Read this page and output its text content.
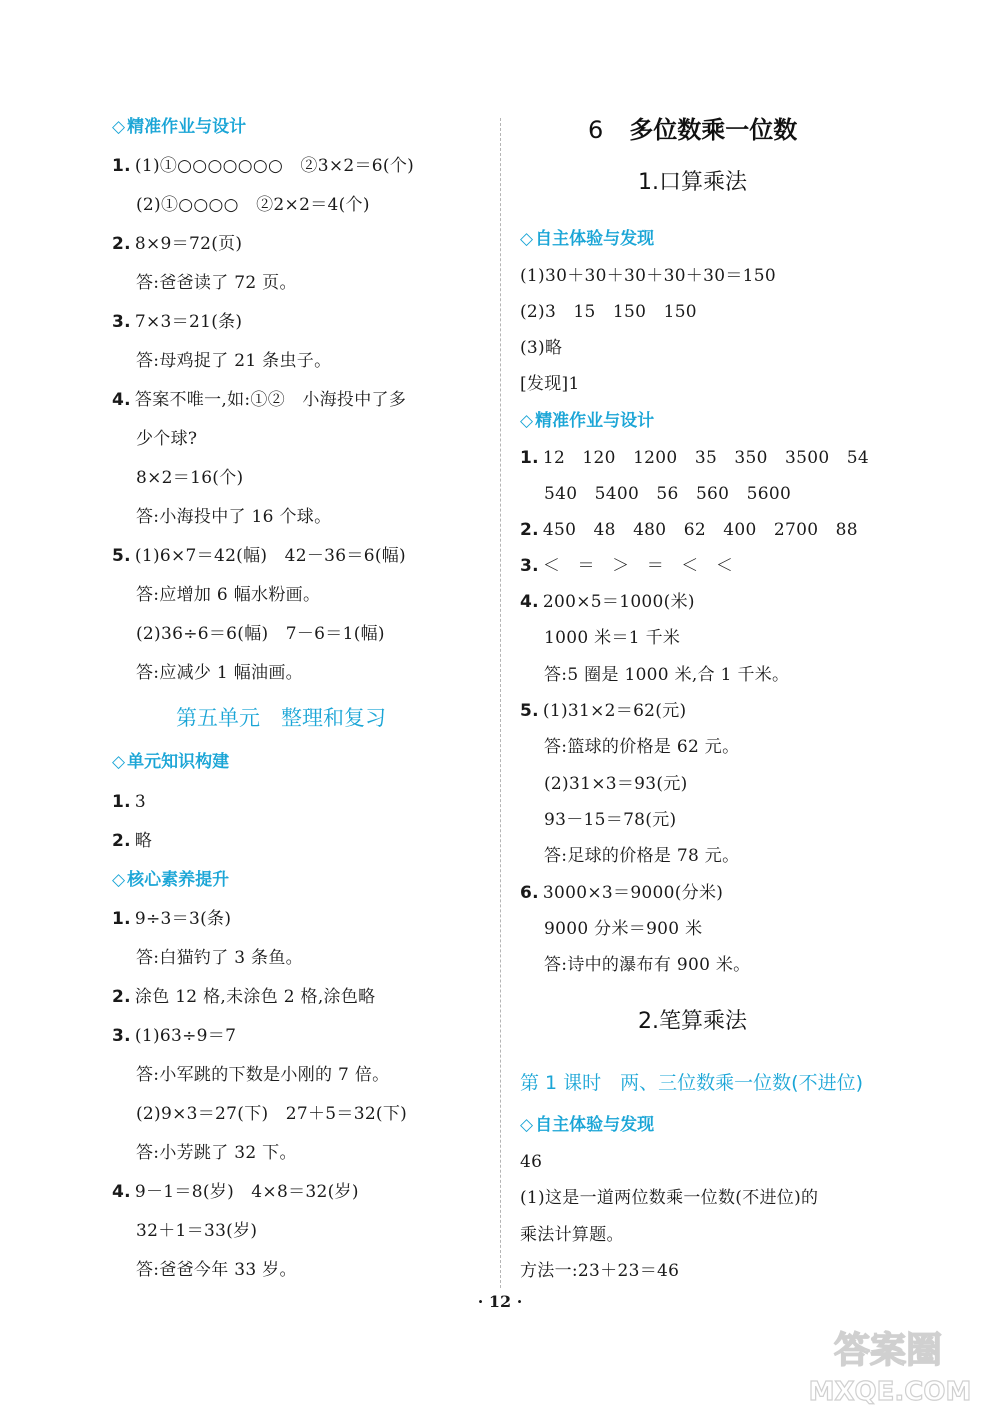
◇ 精准作业与设计
1. (1)①○○○○○○○　②3×2＝6(个)
(2)①○○○○　②2×2＝4(个)
2. 8×9＝72(页)
答:爸爸读了 72 页。
3. 7×3＝21(条)
答:母鸡捉了 21 条虫子。
4. 答案不唯一,如:①②　小海投中了多
少个球?
8×2＝16(个)
答:小海投中了 16 个球。
5. (1)6×7＝42(幅)　42－36＝6(幅)
答:应增加 6 幅水粉画。
(2)36÷6＝6(幅)　7－6＝1(幅)
答:应减少 1 幅油画。
第五单元　整理和复习
◇ 单元知识构建
1. 3
2. 略
◇ 核心素养提升
1. 9÷3＝3(条)
答:白猫钓了 3 条鱼。
2. 涂色 12 格,未涂色 2 格,涂色略
3. (1)63÷9＝7
答:小军跳的下数是小刚的 7 倍。
(2)9×3＝27(下)　27＋5＝32(下)
答:小芳跳了 32 下。
4. 9－1＝8(岁)　4×8＝32(岁)
32＋1＝33(岁)
答:爸爸今年 33 岁。
6 多位数乘一位数
1.口算乘法
◇ 自主体验与发现
(1)30＋30＋30＋30＋30＝150
(2)3　15　150　150
(3)略
[发现]1
◇ 精准作业与设计
1. 12　120　1200　35　350　3500　54
540　5400　56　560　5600
2. 450　48　480　62　400　2700　88
3. ＜　＝　＞　＝　＜　＜
4. 200×5＝1000(米)
1000 米＝1 千米
答:5 圈是 1000 米,合 1 千米。
5. (1)31×2＝62(元)
答:篮球的价格是 62 元。
(2)31×3＝93(元)
93－15＝78(元)
答:足球的价格是 78 元。
6. 3000×3＝9000(分米)
9000 分米＝900 米
答:诗中的瀑布有 900 米。
2.笔算乘法
第 1 课时　两、三位数乘一位数(不进位)
◇ 自主体验与发现
46
(1)这是一道两位数乘一位数(不进位)的
乘法计算题。
方法一:23＋23＝46
· 12 ·
答案圈
MXQE.COM
